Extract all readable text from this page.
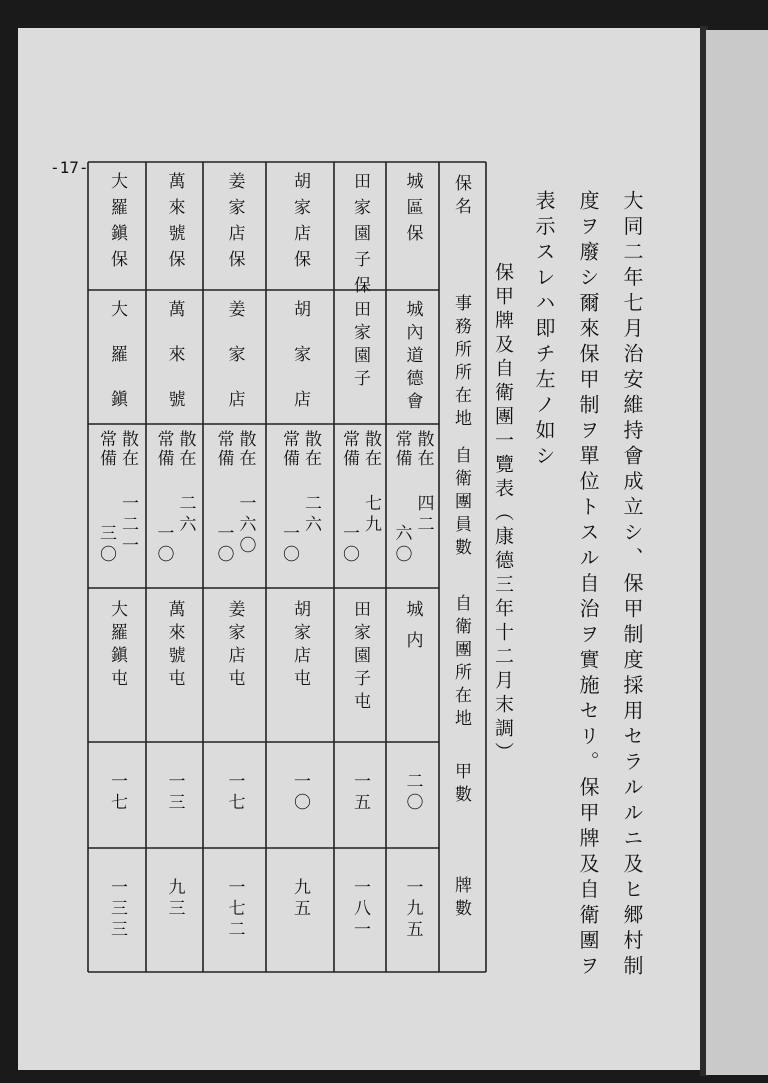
-17-
大同二年七月治安維持會成立シ、保甲制度採用セラルルニ及ヒ郷村制
度ヲ廢シ爾來保甲制ヲ單位トスル自治ヲ實施セリ。保甲牌及自衛團ヲ
表示スレハ即チ左ノ如シ
保甲牌及自衛團一覽表（康德三年十二月末調）
保名
事務所所在地
自衛團員數
自衛團所在地
甲數
牌數
城區保
城內道德會
散在
常備
四二
六〇
城内
二〇
一九五
田家園子保
田家園子
散在
常備
七九
一〇
田家園子屯
一五
一八一
胡家店保
胡家店
散在
常備
二六
一〇
胡家店屯
一〇
九五
姜家店保
姜家店
散在
常備
一六〇
一〇
姜家店屯
一七
一七二
萬來號保
萬來號
散在
常備
二六
一〇
萬來號屯
一三
九三
大羅鎭保
大羅鎭
散在
常備
一二一
三〇
大羅鎭屯
一七
一三三
